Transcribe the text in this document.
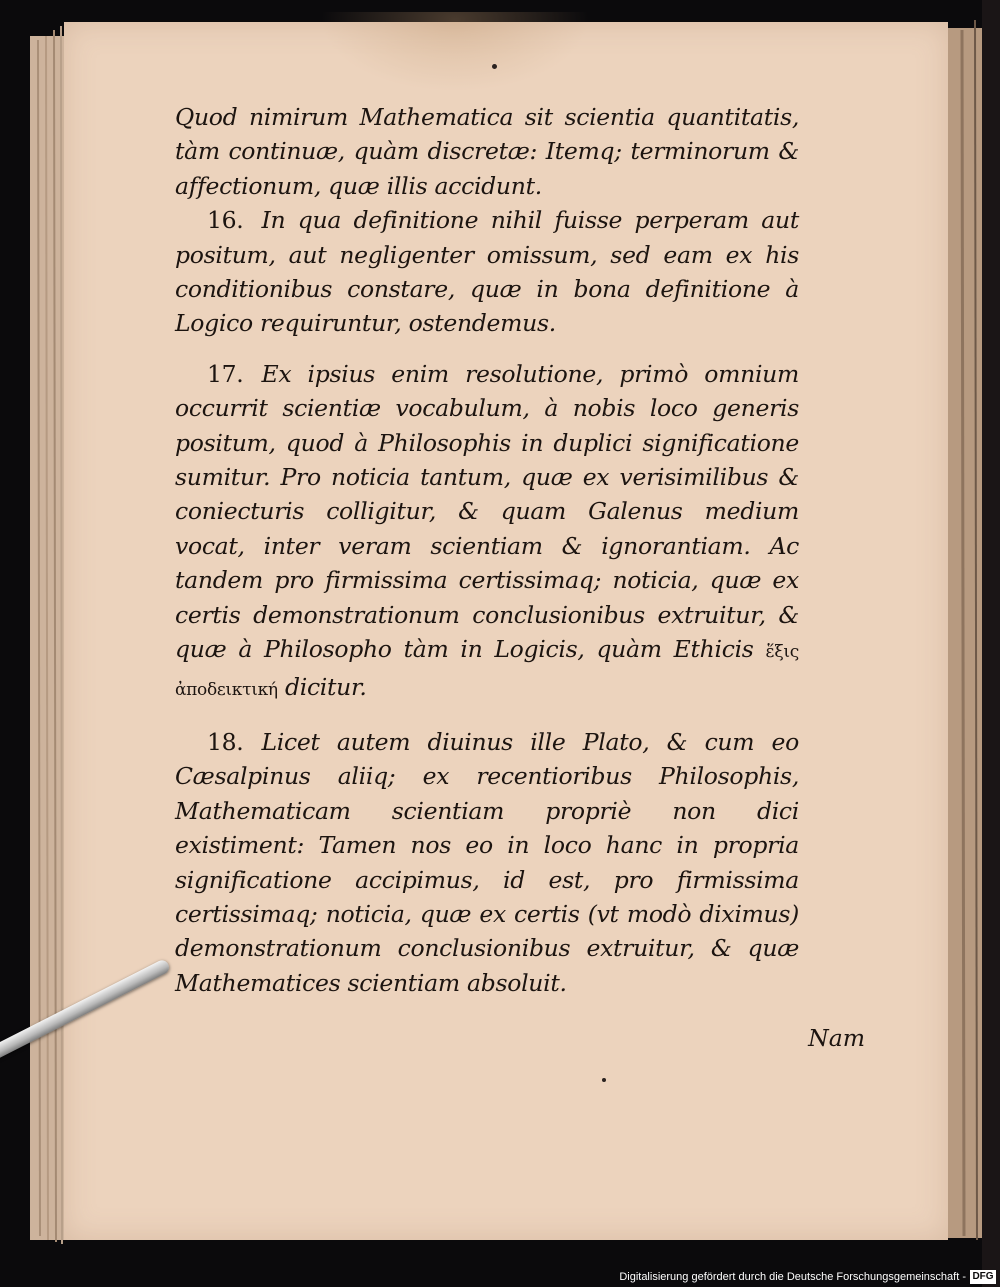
Quod nimirum Mathematica sit scientia quantitatis, tàm continuæ, quàm discretæ: Itemq; terminorum & affectionum, quæ illis accidunt.

16. In qua definitione nihil fuisse perperam aut positum, aut negligenter omissum, sed eam ex his conditionibus constare, quæ in bona definitione à Logico requiruntur, ostendemus.

17. Ex ipsius enim resolutione, primò omnium occurrit scientiæ vocabulum, à nobis loco generis positum, quod à Philosophis in duplici significatione sumitur. Pro noticia tantum, quæ ex verisimilibus & coniecturis colligitur, & quam Galenus medium vocat, inter veram scientiam & ignorantiam. Ac tandem pro firmissima certissimaq; noticia, quæ ex certis demonstrationum conclusionibus extruitur, & quæ à Philosopho tàm in Logicis, quàm Ethicis ἕξις ἀποδεικτική dicitur.

18. Licet autem diuinus ille Plato, & cum eo Cæsalpinus aliiq; ex recentioribus Philosophis, Mathematicam scientiam propriè non dici existiment: Tamen nos eo in loco hanc in propria significatione accipimus, id est, pro firmissima certissimaq; noticia, quæ ex certis (vt modò diximus) demonstrationum conclusionibus extruitur, & quæ Mathematices scientiam absoluit.

Nam
Digitalisierung gefördert durch die Deutsche Forschungsgemeinschaft - DFG
